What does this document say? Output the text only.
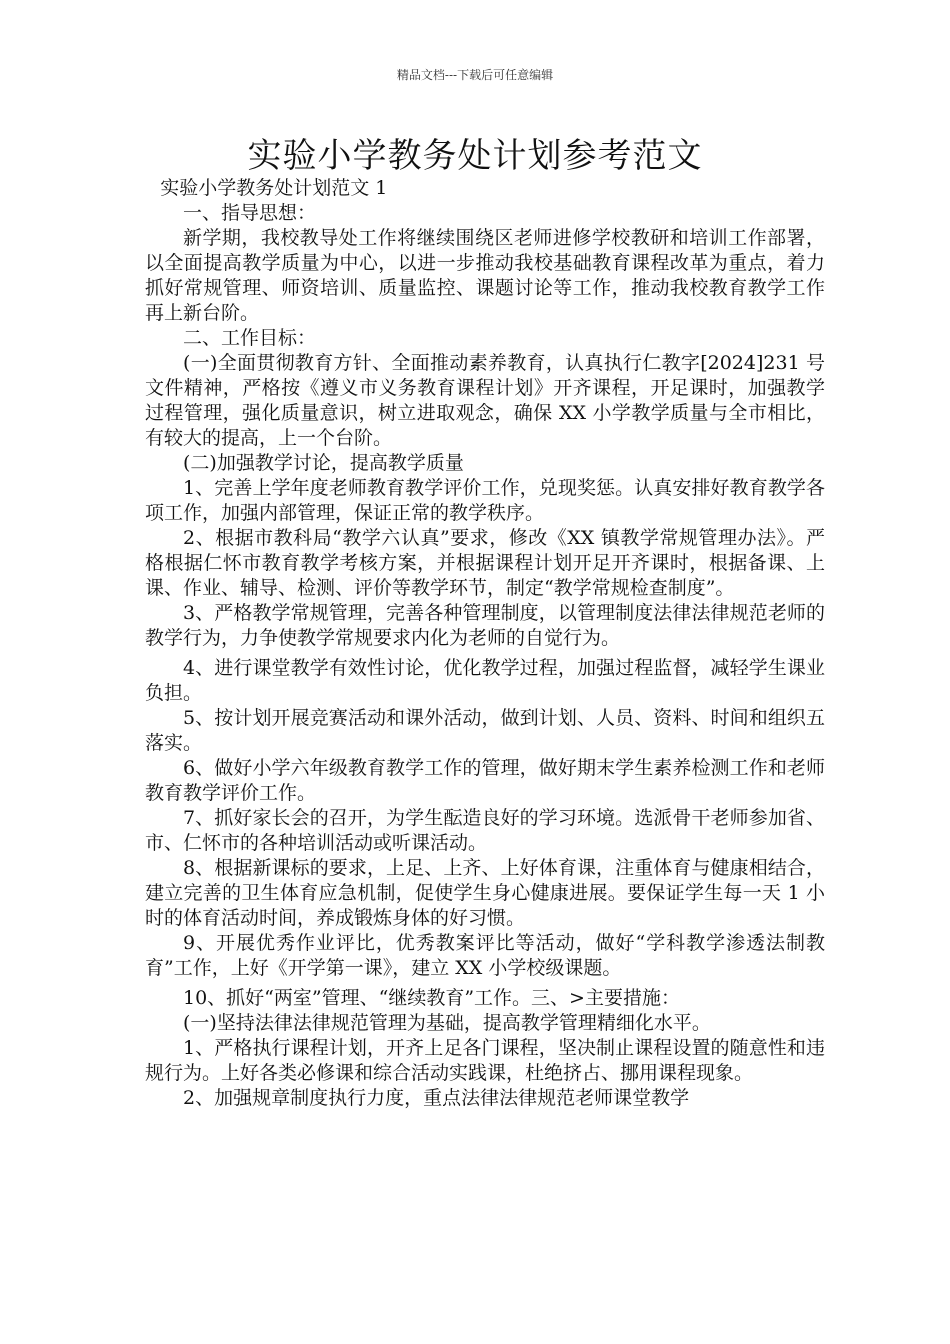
精品文档---下载后可任意编辑
实验小学教务处计划参考范文

实验小学教务处计划范文 1

一、指导思想：

新学期，我校教导处工作将继续围绕区老师进修学校教研和培训工作部署，以全面提高教学质量为中心，以进一步推动我校基础教育课程改革为重点，着力抓好常规管理、师资培训、质量监控、课题讨论等工作，推动我校教育教学工作再上新台阶。

二、工作目标：

(一)全面贯彻教育方针、全面推动素养教育，认真执行仁教字[2024]231 号文件精神，严格按《遵义市义务教育课程计划》开齐课程，开足课时，加强教学过程管理，强化质量意识，树立进取观念，确保 XX 小学教学质量与全市相比，有较大的提高，上一个台阶。

(二)加强教学讨论，提高教学质量

1、完善上学年度老师教育教学评价工作，兑现奖惩。认真安排好教育教学各项工作，加强内部管理，保证正常的教学秩序。

2、根据市教科局“教学六认真”要求，修改《XX 镇教学常规管理办法》。严格根据仁怀市教育教学考核方案，并根据课程计划开足开齐课时，根据备课、上课、作业、辅导、检测、评价等教学环节，制定“教学常规检查制度”。

3、严格教学常规管理，完善各种管理制度，以管理制度法律法律规范老师的教学行为，力争使教学常规要求内化为老师的自觉行为。

4、进行课堂教学有效性讨论，优化教学过程，加强过程监督，减轻学生课业负担。

5、按计划开展竞赛活动和课外活动，做到计划、人员、资料、时间和组织五落实。

6、做好小学六年级教育教学工作的管理，做好期末学生素养检测工作和老师教育教学评价工作。

7、抓好家长会的召开，为学生酝造良好的学习环境。选派骨干老师参加省、市、仁怀市的各种培训活动或听课活动。

8、根据新课标的要求，上足、上齐、上好体育课，注重体育与健康相结合，建立完善的卫生体育应急机制，促使学生身心健康进展。要保证学生每一天 1 小时的体育活动时间，养成锻炼身体的好习惯。

9、开展优秀作业评比，优秀教案评比等活动，做好“学科教学渗透法制教育”工作，上好《开学第一课》，建立 XX 小学校级课题。

10、抓好“两室”管理、“继续教育”工作。三、>主要措施：

(一)坚持法律法律规范管理为基础，提高教学管理精细化水平。

1、严格执行课程计划，开齐上足各门课程，坚决制止课程设置的随意性和违规行为。上好各类必修课和综合活动实践课，杜绝挤占、挪用课程现象。

2、加强规章制度执行力度，重点法律法律规范老师课堂教学
